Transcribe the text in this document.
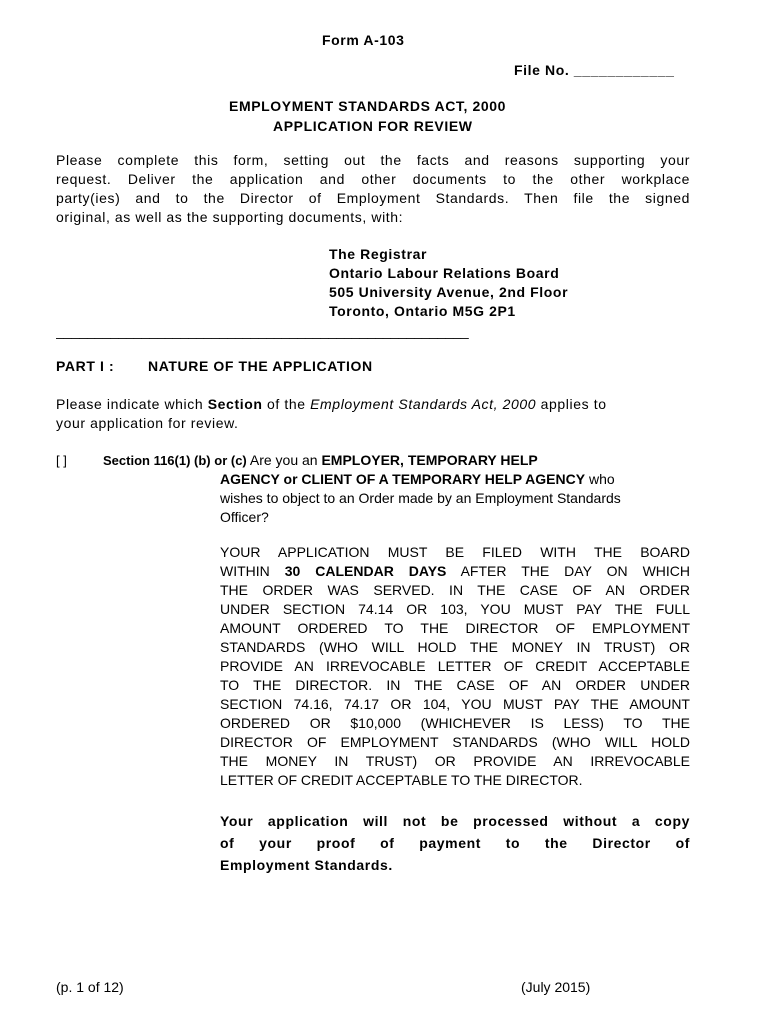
Form A-103
File No. ____________
EMPLOYMENT STANDARDS ACT, 2000
APPLICATION FOR REVIEW
Please complete this form, setting out the facts and reasons supporting your
request. Deliver the application and other documents to the other workplace
party(ies) and to the Director of Employment Standards. Then file the signed
original, as well as the supporting documents, with:
The Registrar
Ontario Labour Relations Board
505 University Avenue, 2nd Floor
Toronto, Ontario M5G 2P1
_____________________________________________________
PART I : NATURE OF THE APPLICATION
Please indicate which Section of the Employment Standards Act, 2000 applies to
your application for review.
[ ]	Section 116(1) (b) or (c) Are you an EMPLOYER, TEMPORARY HELP
AGENCY or CLIENT OF A TEMPORARY HELP AGENCY who
wishes to object to an Order made by an Employment Standards
Officer?
YOUR APPLICATION MUST BE FILED WITH THE BOARD
WITHIN 30 CALENDAR DAYS AFTER THE DAY ON WHICH
THE ORDER WAS SERVED. IN THE CASE OF AN ORDER
UNDER SECTION 74.14 OR 103, YOU MUST PAY THE FULL
AMOUNT ORDERED TO THE DIRECTOR OF EMPLOYMENT
STANDARDS (WHO WILL HOLD THE MONEY IN TRUST) OR
PROVIDE AN IRREVOCABLE LETTER OF CREDIT ACCEPTABLE
TO THE DIRECTOR. IN THE CASE OF AN ORDER UNDER
SECTION 74.16, 74.17 OR 104, YOU MUST PAY THE AMOUNT
ORDERED OR $10,000 (WHICHEVER IS LESS) TO THE
DIRECTOR OF EMPLOYMENT STANDARDS (WHO WILL HOLD
THE MONEY IN TRUST) OR PROVIDE AN IRREVOCABLE
LETTER OF CREDIT ACCEPTABLE TO THE DIRECTOR.
Your application will not be processed without a copy
of your proof of payment to the Director of
Employment Standards.
(p. 1 of 12)	(July 2015)
